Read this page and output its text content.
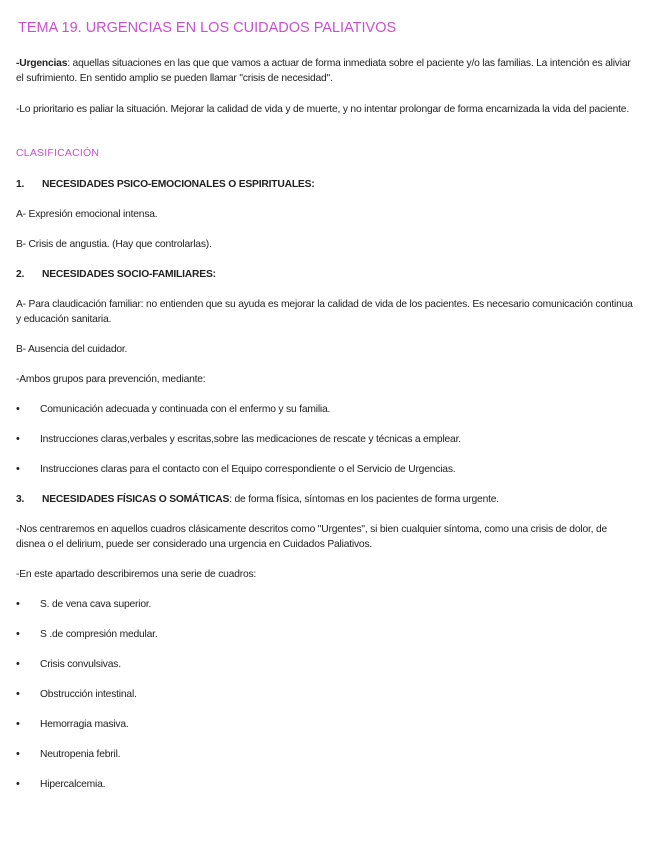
TEMA 19. URGENCIAS EN LOS CUIDADOS PALIATIVOS
-Urgencias: aquellas situaciones en las que que vamos a actuar de forma inmediata sobre el paciente y/o las familias. La intención es aliviar el sufrimiento. En sentido amplio se pueden llamar "crisis de necesidad".
-Lo prioritario es paliar la situación. Mejorar la calidad de vida y de muerte, y no intentar prolongar de forma encarnizada la vida del paciente.
CLASIFICACIÓN
1. NECESIDADES PSICO-EMOCIONALES O ESPIRITUALES:
A- Expresión emocional intensa.
B- Crisis de angustia. (Hay que controlarlas).
2. NECESIDADES SOCIO-FAMILIARES:
A- Para claudicación familiar: no entienden que su ayuda es mejorar la calidad de vida de los pacientes. Es necesario comunicación continua y educación sanitaria.
B- Ausencia del cuidador.
-Ambos grupos para prevención, mediante:
• Comunicación adecuada y continuada con el enfermo y su familia.
• Instrucciones claras,verbales y escritas,sobre las medicaciones de rescate y técnicas a emplear.
• Instrucciones claras para el contacto con el Equipo correspondiente o el Servicio de Urgencias.
3. NECESIDADES FÍSICAS O SOMÁTICAS: de forma física, síntomas en los pacientes de forma urgente.
-Nos centraremos en aquellos cuadros clásicamente descritos como "Urgentes", si bien cualquier síntoma, como una crisis de dolor, de disnea o el delirium, puede ser considerado una urgencia en Cuidados Paliativos.
-En este apartado describiremos una serie de cuadros:
• S. de vena cava superior.
• S .de compresión medular.
• Crisis convulsivas.
• Obstrucción intestinal.
• Hemorragia masiva.
• Neutropenia febril.
• Hipercalcemia.
